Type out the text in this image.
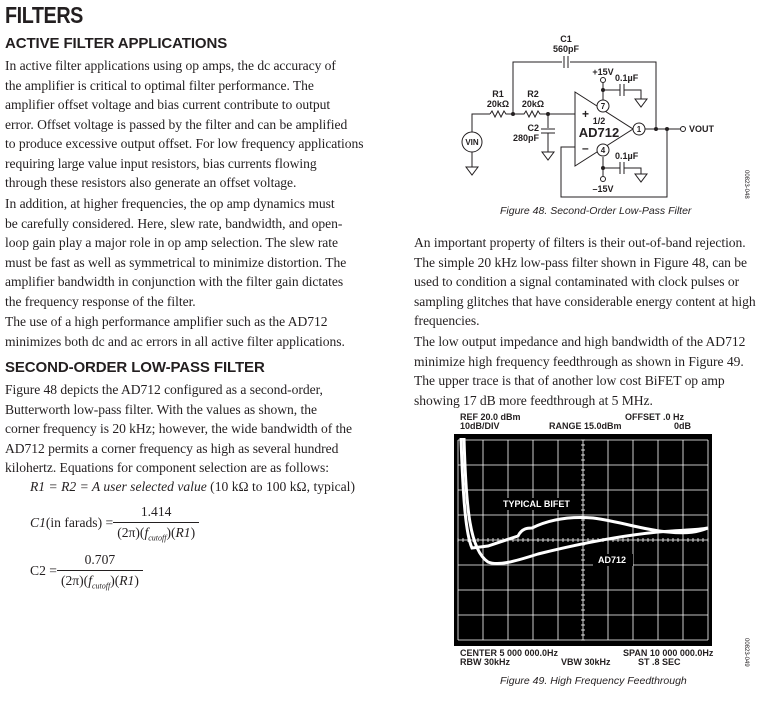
FILTERS
ACTIVE FILTER APPLICATIONS
In active filter applications using op amps, the dc accuracy of
the amplifier is critical to optimal filter performance. The
amplifier offset voltage and bias current contribute to output
error. Offset voltage is passed by the filter and can be amplified
to produce excessive output offset. For low frequency applications
requiring large value input resistors, bias currents flowing
through these resistors also generate an offset voltage.
In addition, at higher frequencies, the op amp dynamics must
be carefully considered. Here, slew rate, bandwidth, and open-
loop gain play a major role in op amp selection. The slew rate
must be fast as well as symmetrical to minimize distortion. The
amplifier bandwidth in conjunction with the filter gain dictates
the frequency response of the filter.
The use of a high performance amplifier such as the AD712
minimizes both dc and ac errors in all active filter applications.
SECOND-ORDER LOW-PASS FILTER
Figure 48 depicts the AD712 configured as a second-order,
Butterworth low-pass filter. With the values as shown, the
corner frequency is 20 kHz; however, the wide bandwidth of the
AD712 permits a corner frequency as high as several hundred
kilohertz. Equations for component selection are as follows:
R1 = R2 = A user selected value (10 kΩ to 100 kΩ, typical)
C1 (in farads) = $\frac{1.414}{(2\pi)(f_{cutoff})(R1)}$
$C2 = \frac{0.707}{(2\pi)(f_{cutoff})(R1)}$
C1
560pF
R1
20kΩ
R2
20kΩ
C2
280pF
VIN
+15V
–15V
0.1µF
0.1µF
7
4
1
+
–
1/2
AD712	VOUT
00823-048
Figure 48. Second-Order Low-Pass Filter
An important property of filters is their out-of-band rejection.
The simple 20 kHz low-pass filter shown in Figure 48, can be
used to condition a signal contaminated with clock pulses or
sampling glitches that have considerable energy content at high
frequencies.
The low output impedance and high bandwidth of the AD712
minimize high frequency feedthrough as shown in Figure 49.
The upper trace is that of another low cost BiFET op amp
showing 17 dB more feedthrough at 5 MHz.
REF 20.0 dBm
10dB/DIV	RANGE 15.0dBm
OFFSET .0 Hz
0dB
TYPICAL BIFET
AD712
CENTER 5 000 000.0Hz
RBW 30kHz	VBW 30kHz
SPAN 10 000 000.0Hz
ST .8 SEC	00823-049
Figure 49. High Frequency Feedthrough
